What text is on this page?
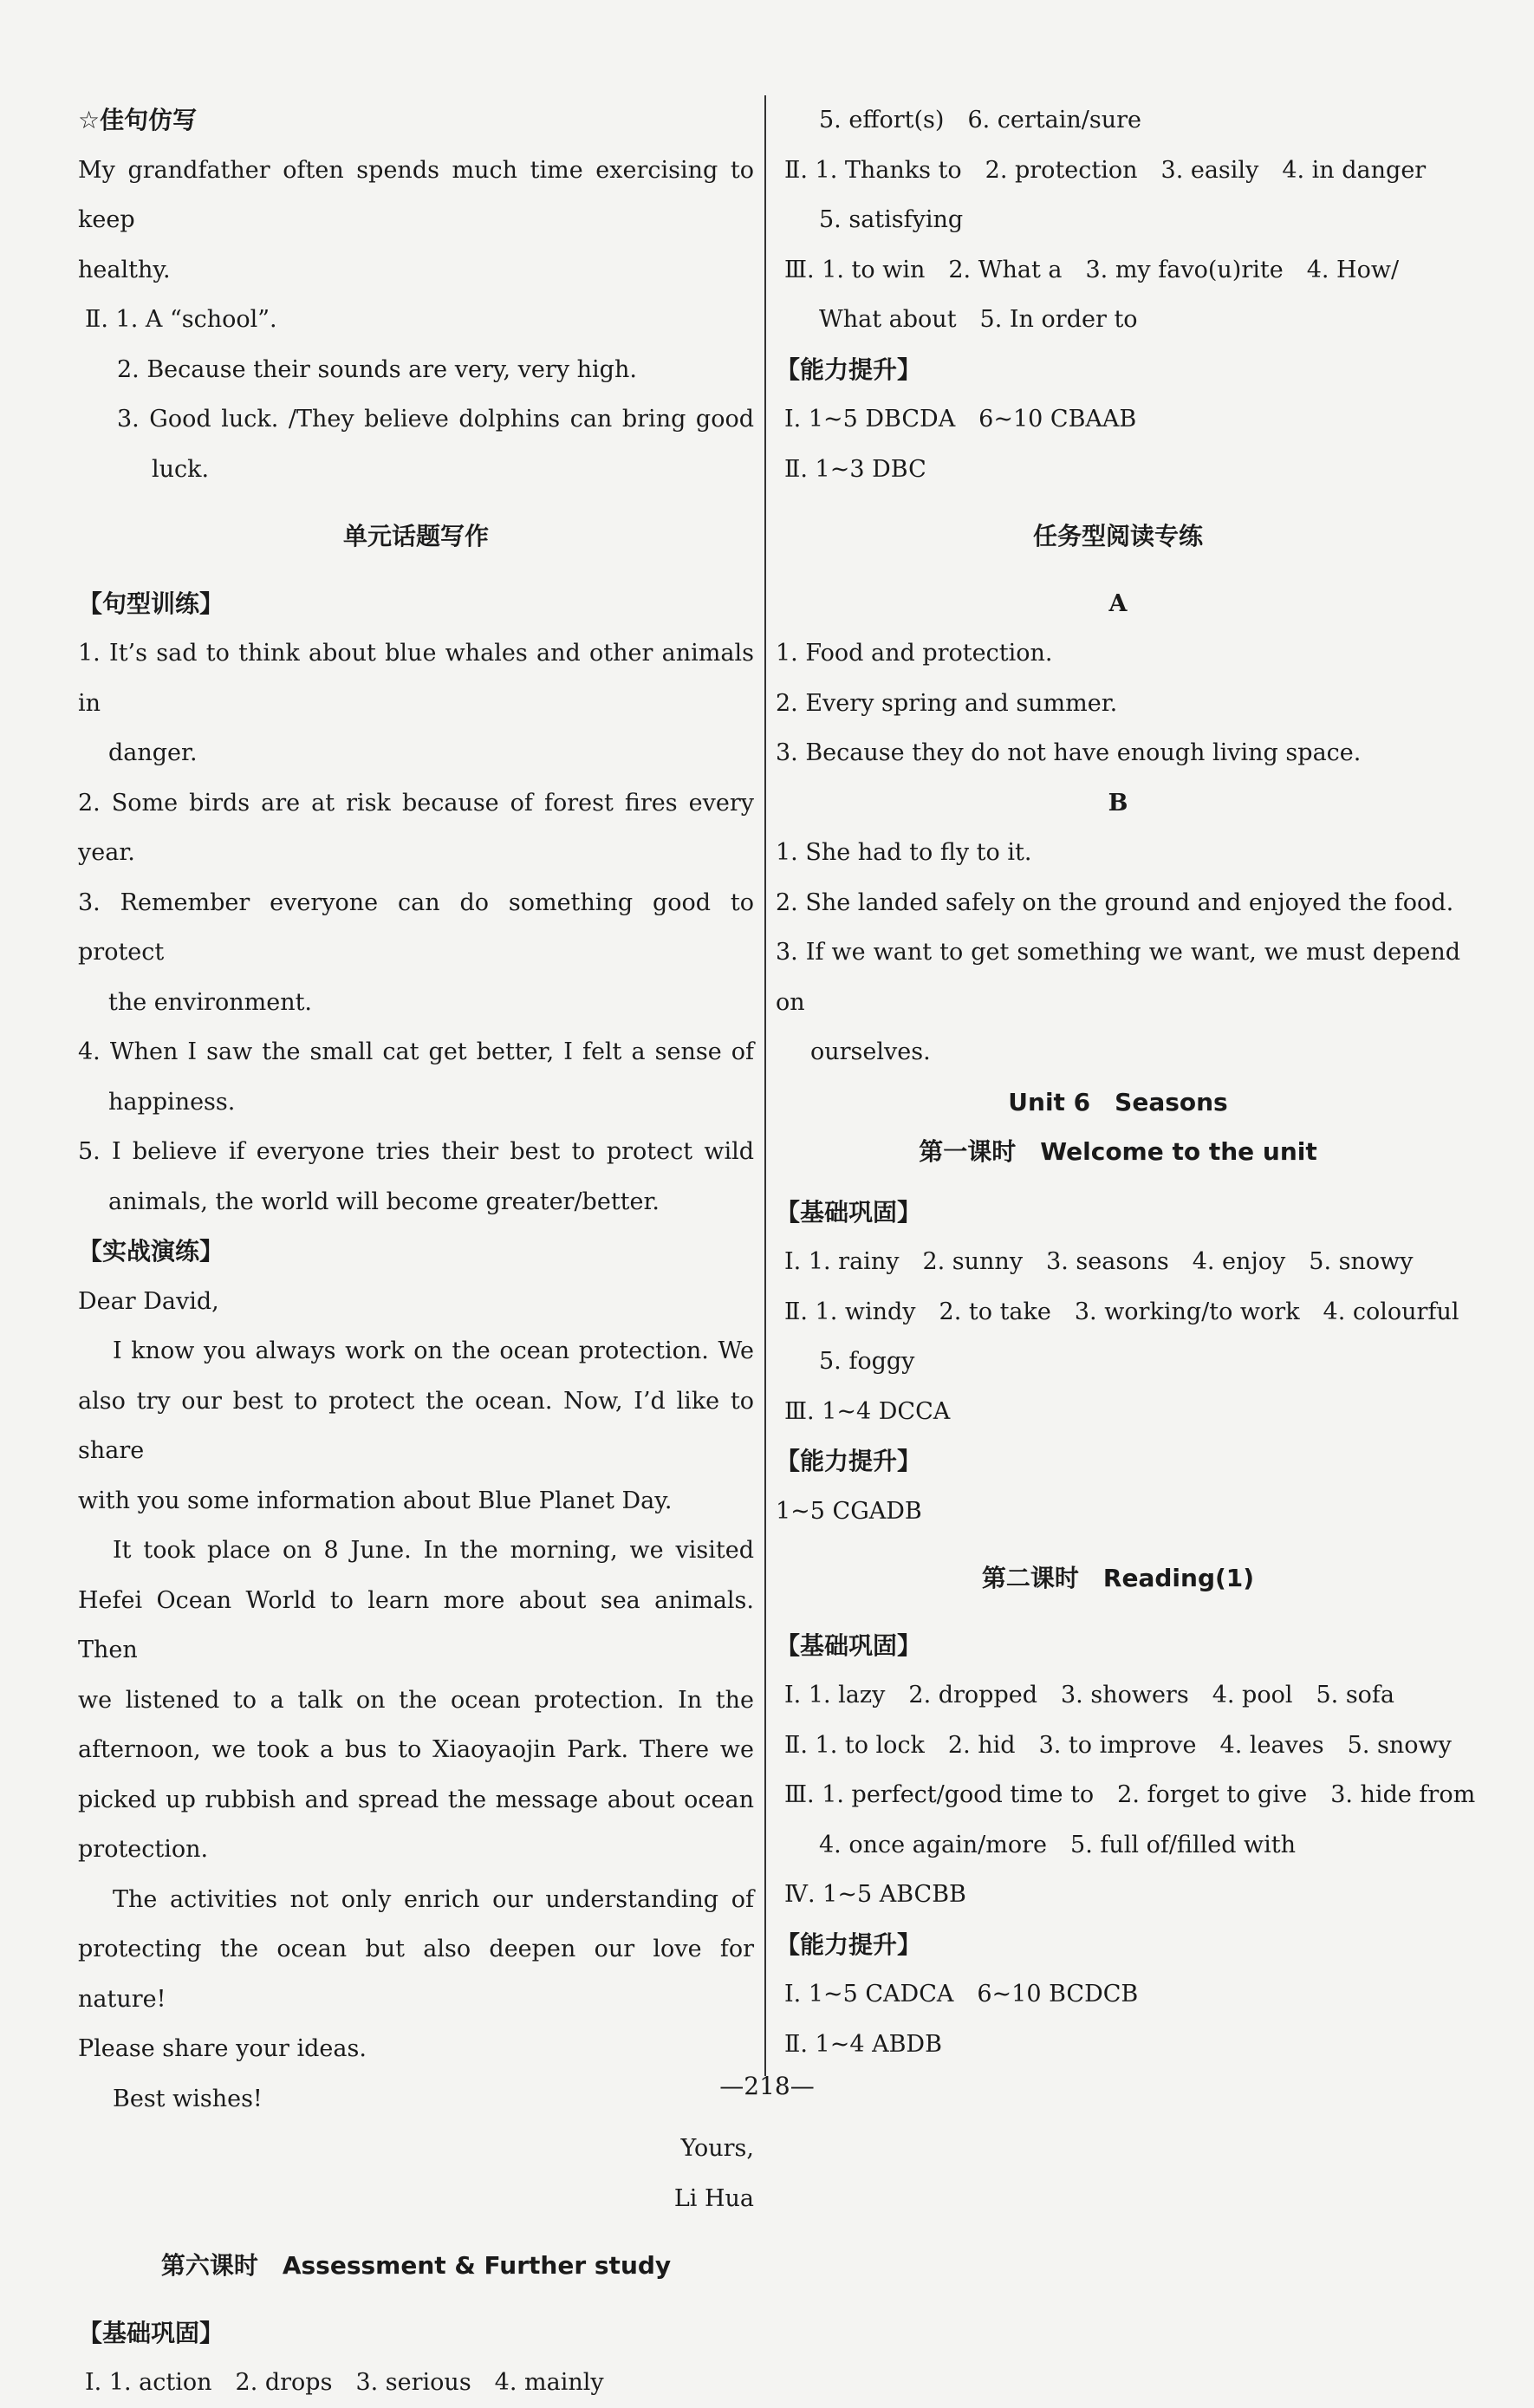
☆佳句仿写
My grandfather often spends much time exercising to keep
healthy.
Ⅱ. 1. A “school”.
2. Because their sounds are very, very high.
3. Good luck. /They believe dolphins can bring good
luck.
单元话题写作
【句型训练】
1. It’s sad to think about blue whales and other animals in
danger.
2. Some birds are at risk because of forest fires every year.
3. Remember everyone can do something good to protect
the environment.
4. When I saw the small cat get better, I felt a sense of
happiness.
5. I believe if everyone tries their best to protect wild
animals, the world will become greater/better.
【实战演练】
Dear David,
I know you always work on the ocean protection. We
also try our best to protect the ocean. Now, I’d like to share
with you some information about Blue Planet Day.
It took place on 8 June. In the morning, we visited
Hefei Ocean World to learn more about sea animals. Then
we listened to a talk on the ocean protection. In the
afternoon, we took a bus to Xiaoyaojin Park. There we
picked up rubbish and spread the message about ocean
protection.
The activities not only enrich our understanding of
protecting the ocean but also deepen our love for nature!
Please share your ideas.
Best wishes!
Yours,
Li Hua
第六课时　Assessment & Further study
【基础巩固】
Ⅰ. 1. action　2. drops　3. serious　4. mainly
5. effort(s)　6. certain/sure
Ⅱ. 1. Thanks to　2. protection　3. easily　4. in danger
5. satisfying
Ⅲ. 1. to win　2. What a　3. my favo(u)rite　4. How/
What about　5. In order to
【能力提升】
Ⅰ. 1~5 DBCDA　6~10 CBAAB
Ⅱ. 1~3 DBC
任务型阅读专练
A
1. Food and protection.
2. Every spring and summer.
3. Because they do not have enough living space.
B
1. She had to fly to it.
2. She landed safely on the ground and enjoyed the food.
3. If we want to get something we want, we must depend on
ourselves.
Unit 6　Seasons
第一课时　Welcome to the unit
【基础巩固】
Ⅰ. 1. rainy　2. sunny　3. seasons　4. enjoy　5. snowy
Ⅱ. 1. windy　2. to take　3. working/to work　4. colourful
5. foggy
Ⅲ. 1~4 DCCA
【能力提升】
1~5 CGADB
第二课时　Reading(1)
【基础巩固】
Ⅰ. 1. lazy　2. dropped　3. showers　4. pool　5. sofa
Ⅱ. 1. to lock　2. hid　3. to improve　4. leaves　5. snowy
Ⅲ. 1. perfect/good time to　2. forget to give　3. hide from
4. once again/more　5. full of/filled with
Ⅳ. 1~5 ABCBB
【能力提升】
Ⅰ. 1~5 CADCA　6~10 BCDCB
Ⅱ. 1~4 ABDB
—218—
